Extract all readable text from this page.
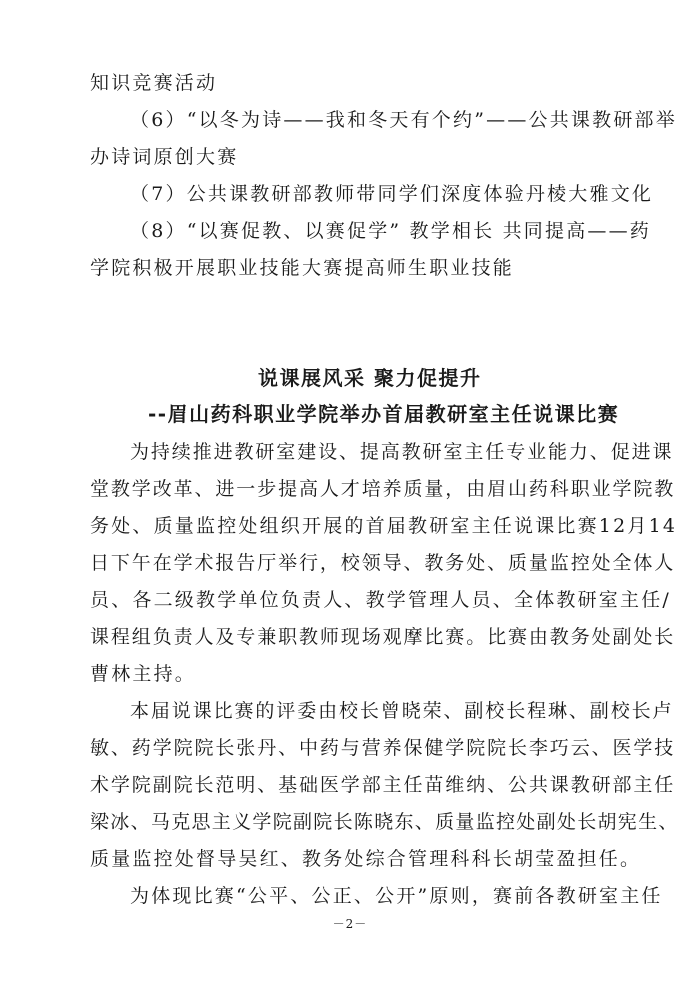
知识竞赛活动
（6）“以冬为诗——我和冬天有个约”——公共课教研部举
办诗词原创大赛
（7）公共课教研部教师带同学们深度体验丹棱大雅文化
（8）“以赛促教、以赛促学” 教学相长 共同提高——药
学院积极开展职业技能大赛提高师生职业技能
说课展风采 聚力促提升
--眉山药科职业学院举办首届教研室主任说课比赛
为持续推进教研室建设、提高教研室主任专业能力、促进课
堂教学改革、进一步提高人才培养质量，由眉山药科职业学院教
务处、质量监控处组织开展的首届教研室主任说课比赛12月14
日下午在学术报告厅举行，校领导、教务处、质量监控处全体人
员、各二级教学单位负责人、教学管理人员、全体教研室主任/
课程组负责人及专兼职教师现场观摩比赛。比赛由教务处副处长
曹林主持。
本届说课比赛的评委由校长曾晓荣、副校长程琳、副校长卢
敏、药学院院长张丹、中药与营养保健学院院长李巧云、医学技
术学院副院长范明、基础医学部主任苗维纳、公共课教研部主任
梁冰、马克思主义学院副院长陈晓东、质量监控处副处长胡宪生、
质量监控处督导吴红、教务处综合管理科科长胡莹盈担任。
为体现比赛“公平、公正、公开”原则，赛前各教研室主任
－2－
